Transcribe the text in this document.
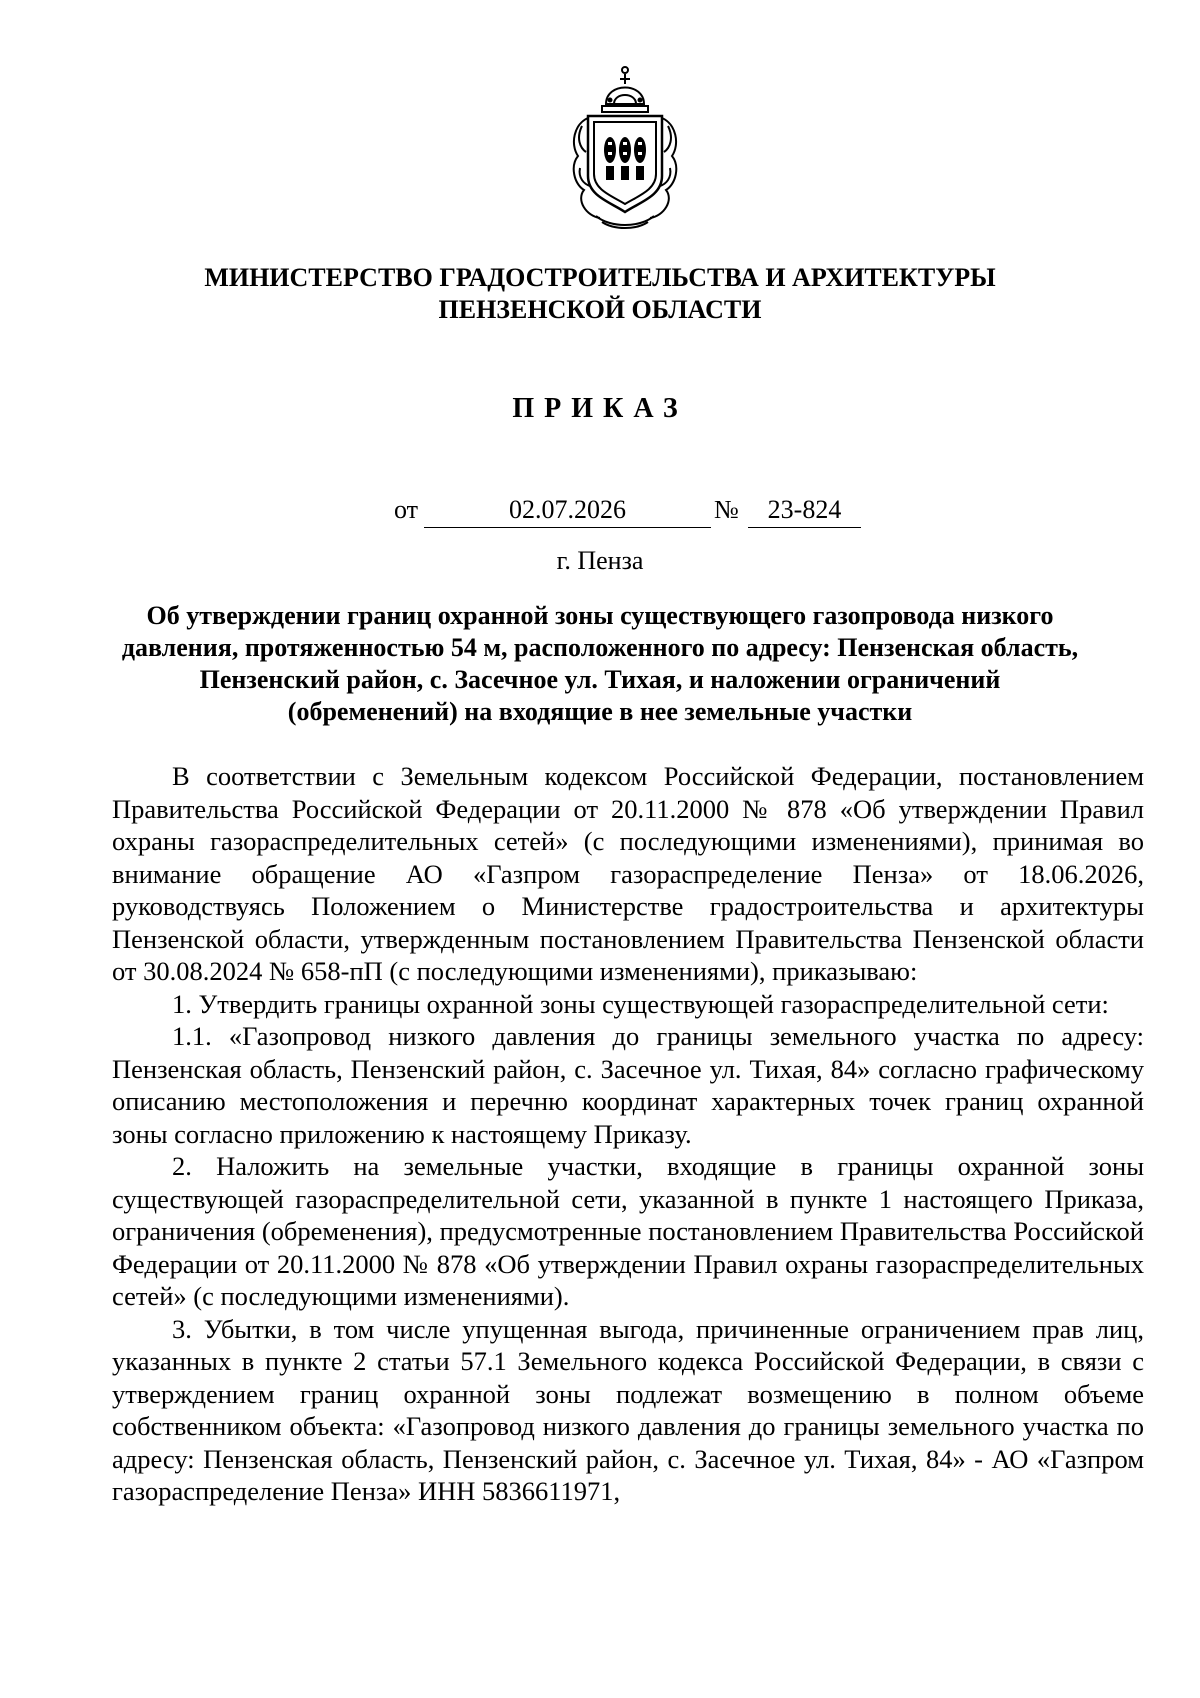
МИНИСТЕРСТВО ГРАДОСТРОИТЕЛЬСТВА И АРХИТЕКТУРЫ
ПЕНЗЕНСКОЙ ОБЛАСТИ
ПРИКАЗ
от	02.07.2026	№	23-824
г. Пенза
Об утверждении границ охранной зоны существующего газопровода низкого давления, протяженностью 54 м, расположенного по адресу: Пензенская область, Пензенский район, с. Засечное ул. Тихая, и наложении ограничений (обременений) на входящие в нее земельные участки

В соответствии с Земельным кодексом Российской Федерации, постановлением Правительства Российской Федерации от 20.11.2000 № 878 «Об утверждении Правил охраны газораспределительных сетей» (с последующими изменениями), принимая во внимание обращение АО «Газпром газораспределение Пенза» от 18.06.2026, руководствуясь Положением о Министерстве градостроительства и архитектуры Пензенской области, утвержденным постановлением Правительства Пензенской области от 30.08.2024 № 658-пП (с последующими изменениями), приказываю:

1. Утвердить границы охранной зоны существующей газораспределительной сети:

1.1. «Газопровод низкого давления до границы земельного участка по адресу: Пензенская область, Пензенский район, с. Засечное ул. Тихая, 84» согласно графическому описанию местоположения и перечню координат характерных точек границ охранной зоны согласно приложению к настоящему Приказу.

2. Наложить на земельные участки, входящие в границы охранной зоны существующей газораспределительной сети, указанной в пункте 1 настоящего Приказа, ограничения (обременения), предусмотренные постановлением Правительства Российской Федерации от 20.11.2000 № 878 «Об утверждении Правил охраны газораспределительных сетей» (с последующими изменениями).

3. Убытки, в том числе упущенная выгода, причиненные ограничением прав лиц, указанных в пункте 2 статьи 57.1 Земельного кодекса Российской Федерации, в связи с утверждением границ охранной зоны подлежат возмещению в полном объеме собственником объекта: «Газопровод низкого давления до границы земельного участка по адресу: Пензенская область, Пензенский район, с. Засечное ул. Тихая, 84» - АО «Газпром газораспределение Пенза» ИНН 5836611971,
